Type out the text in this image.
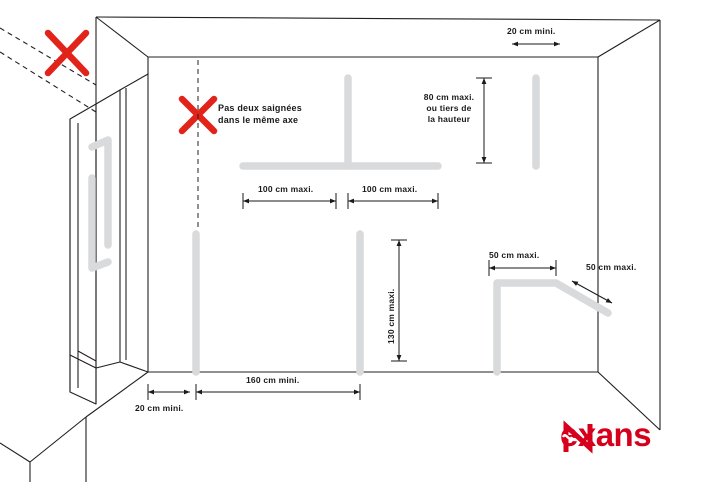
20 cm mini.
80 cm maxi.
ou tiers de
la hauteur
Pas deux saignées dans le même axe
100 cm maxi.	100 cm maxi.
130 cm maxi.
50 cm maxi.
50 cm maxi.
160 cm mini.
20 cm mini.
exans
